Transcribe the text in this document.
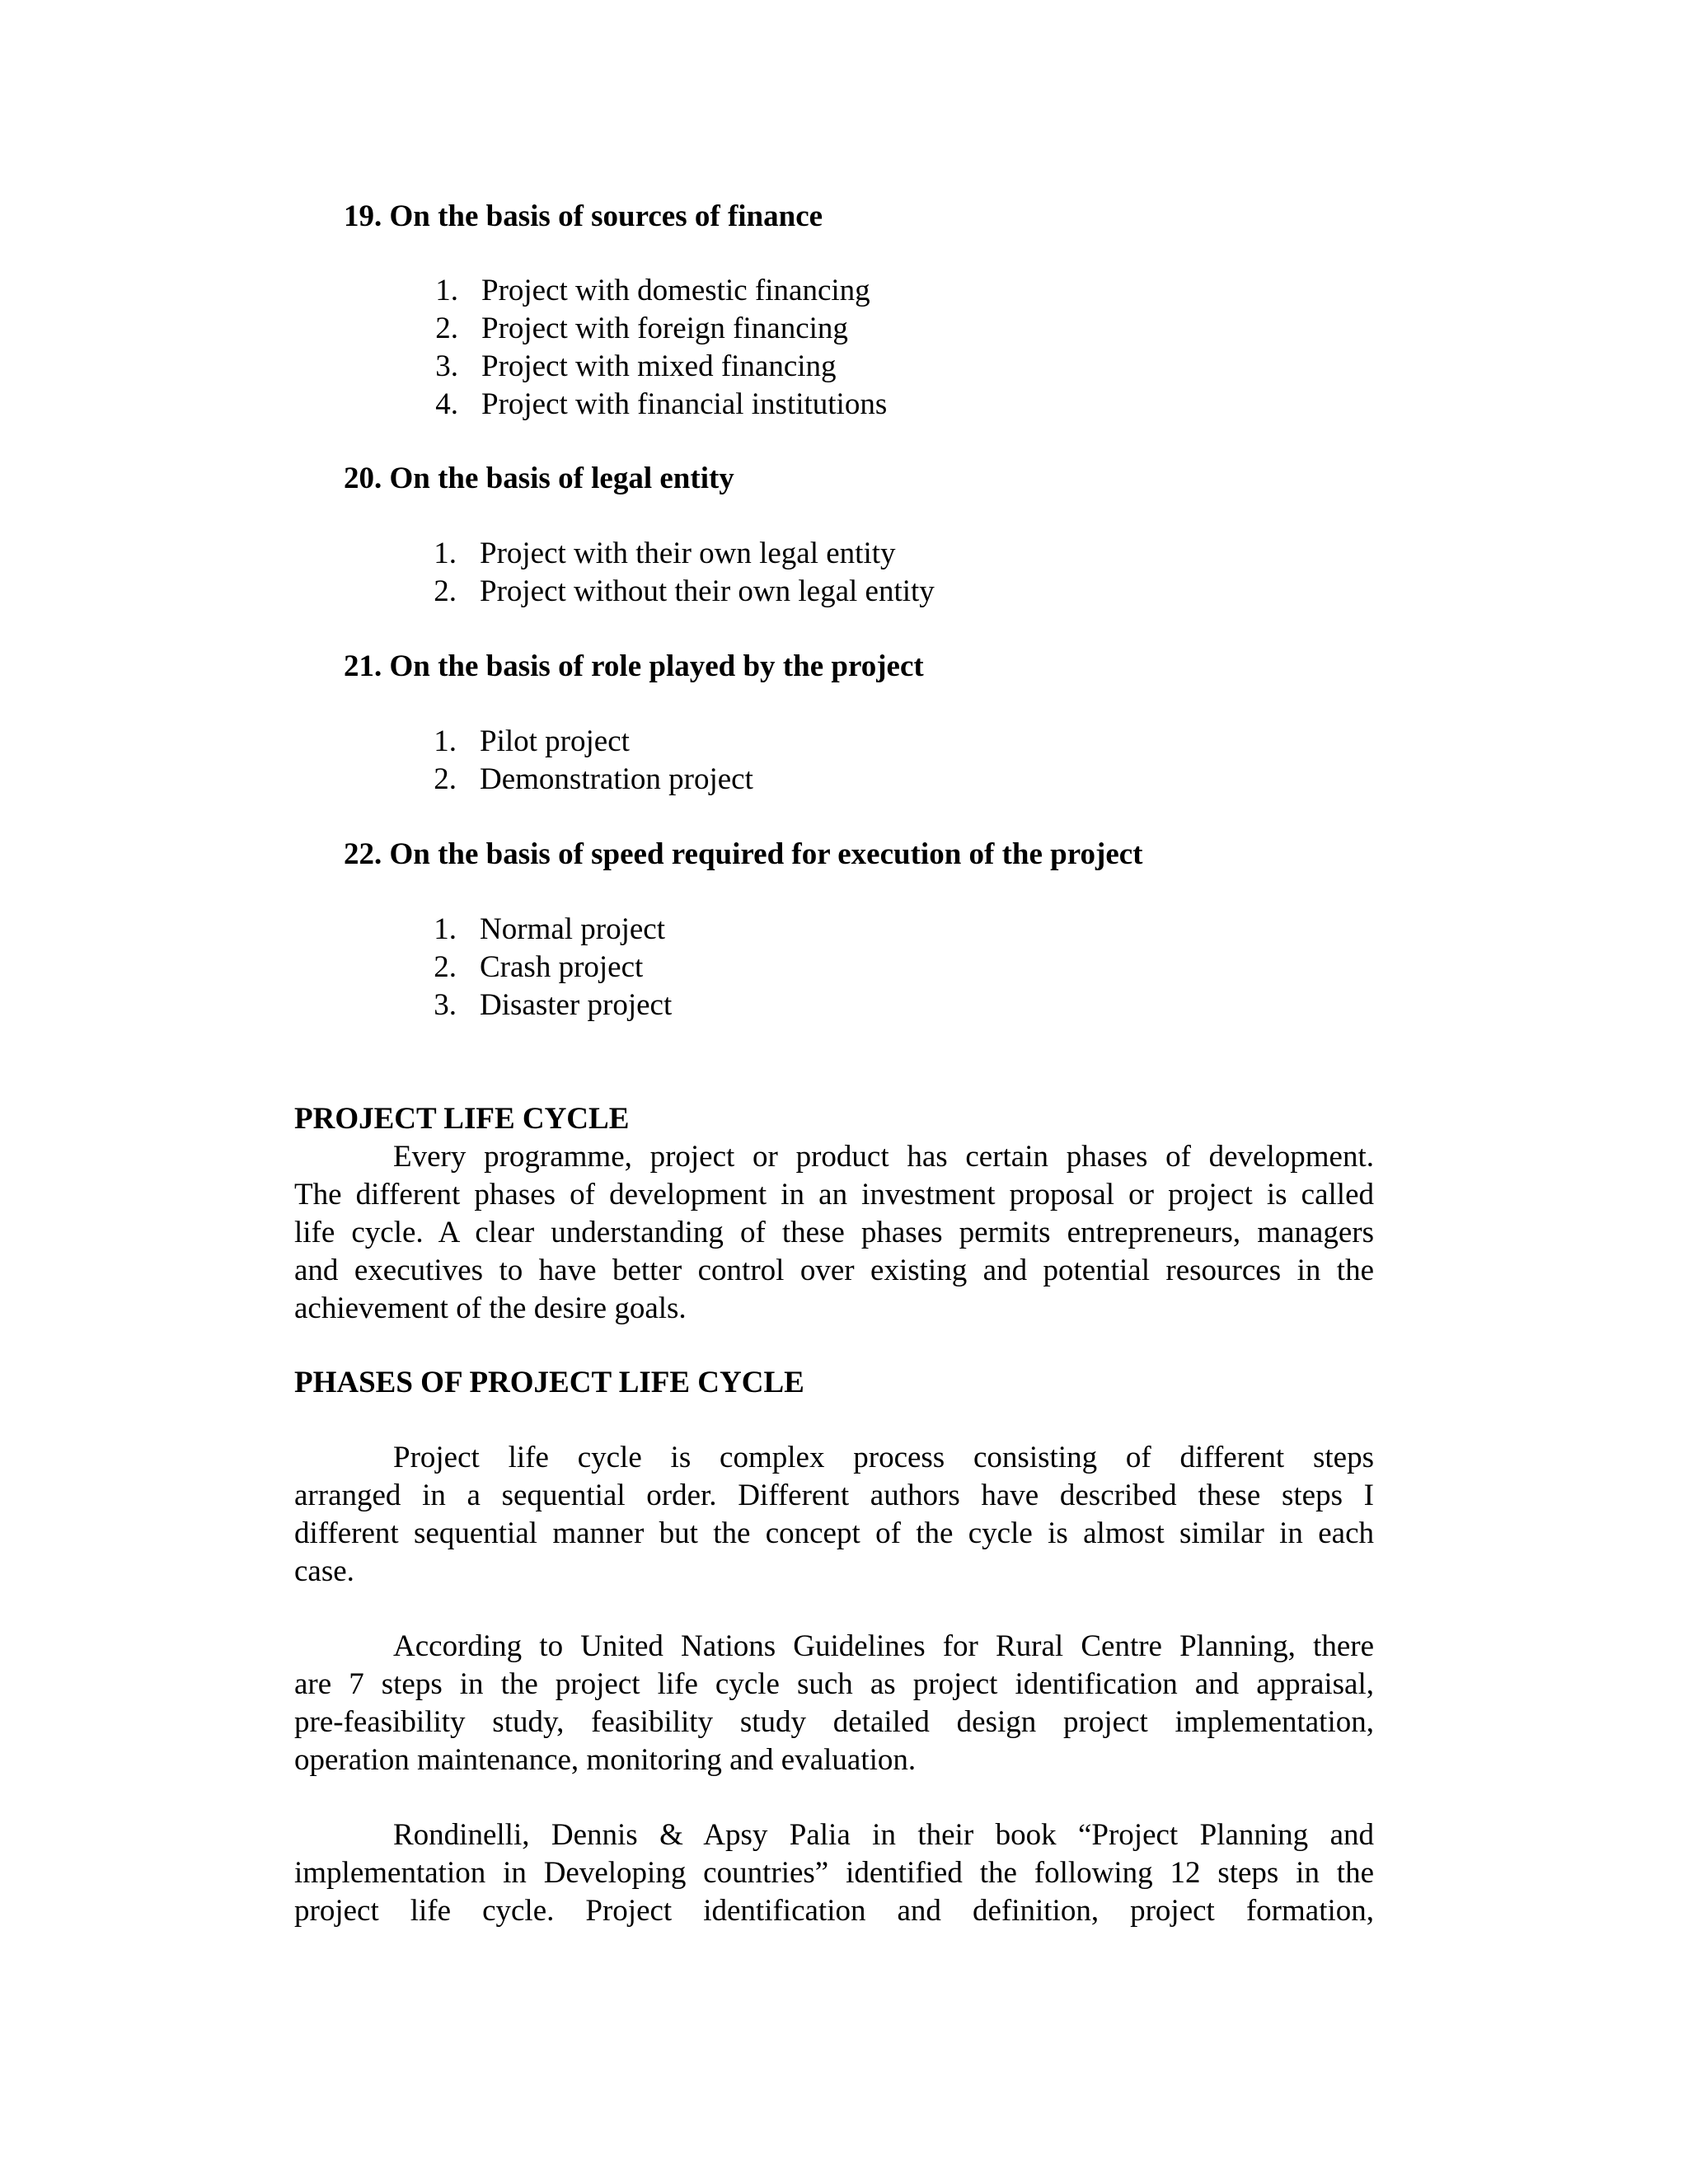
19. On the basis of sources of finance
1. Project with domestic financing
2. Project with foreign financing
3. Project with mixed financing
4. Project with financial institutions
20. On the basis of legal entity
1. Project with their own legal entity
2. Project without their own legal entity
21. On the basis of role played by the project
1. Pilot project
2. Demonstration project
22. On the basis of speed required for execution of the project
1. Normal project
2. Crash project
3. Disaster project
PROJECT LIFE CYCLE

Every programme, project or product has certain phases of development.
The different phases of development in an investment proposal or project is called
life cycle. A clear understanding of these phases permits entrepreneurs, managers
and executives to have better control over existing and potential resources in the
achievement of the desire goals.

PHASES OF PROJECT LIFE CYCLE

Project life cycle is complex process consisting of different steps
arranged in a sequential order. Different authors have described these steps I
different sequential manner but the concept of the cycle is almost similar in each
case.

According to United Nations Guidelines for Rural Centre Planning, there
are 7 steps in the project life cycle such as project identification and appraisal,
pre-feasibility study, feasibility study detailed design project implementation,
operation maintenance, monitoring and evaluation.

Rondinelli, Dennis & Apsy Palia in their book “Project Planning and
implementation in Developing countries” identified the following 12 steps in the
project life cycle. Project identification and definition, project formation,
